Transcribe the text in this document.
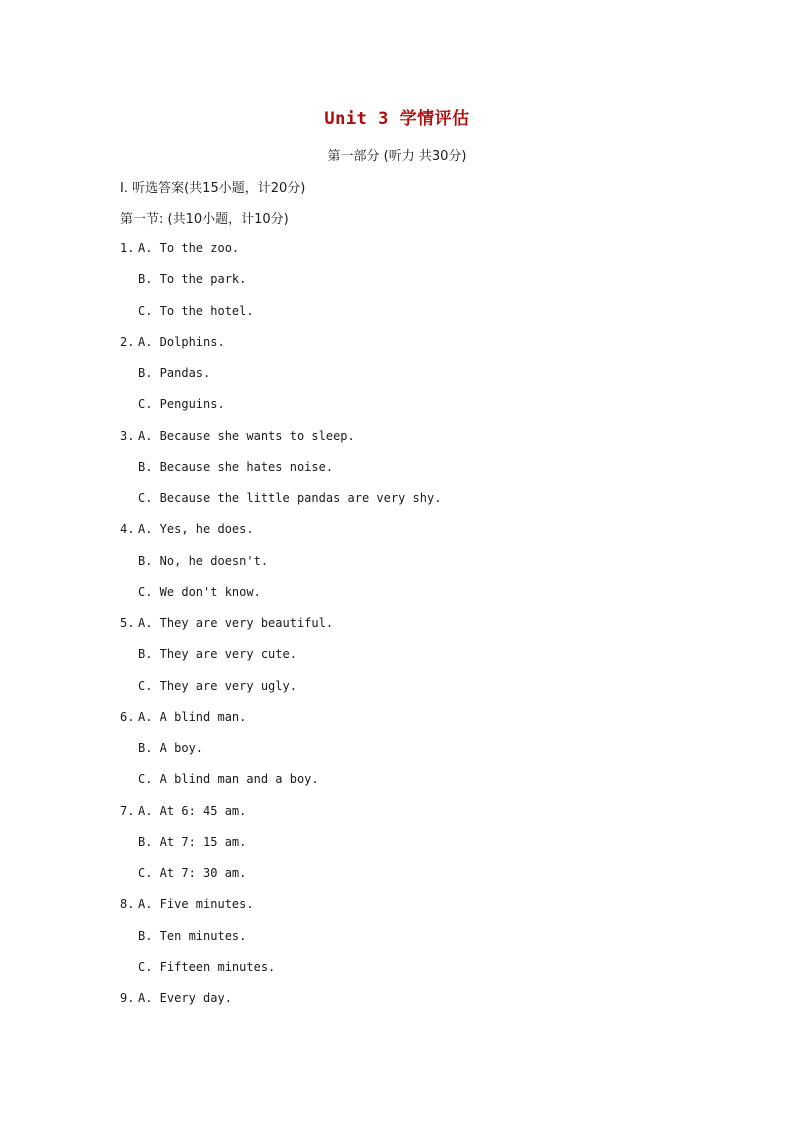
Unit 3 学情评估
第一部分 (听力 共30分)
Ⅰ. 听选答案(共15小题，计20分)
第一节: (共10小题，计10分)
1. A. To the zoo.
B. To the park.
C. To the hotel.
2. A. Dolphins.
B. Pandas.
C. Penguins.
3. A. Because she wants to sleep.
B. Because she hates noise.
C. Because the little pandas are very shy.
4. A. Yes, he does.
B. No, he doesn't.
C. We don't know.
5. A. They are very beautiful.
B. They are very cute.
C. They are very ugly.
6. A. A blind man.
B. A boy.
C. A blind man and a boy.
7. A. At 6: 45 am.
B. At 7: 15 am.
C. At 7: 30 am.
8. A. Five minutes.
B. Ten minutes.
C. Fifteen minutes.
9. A. Every day.
